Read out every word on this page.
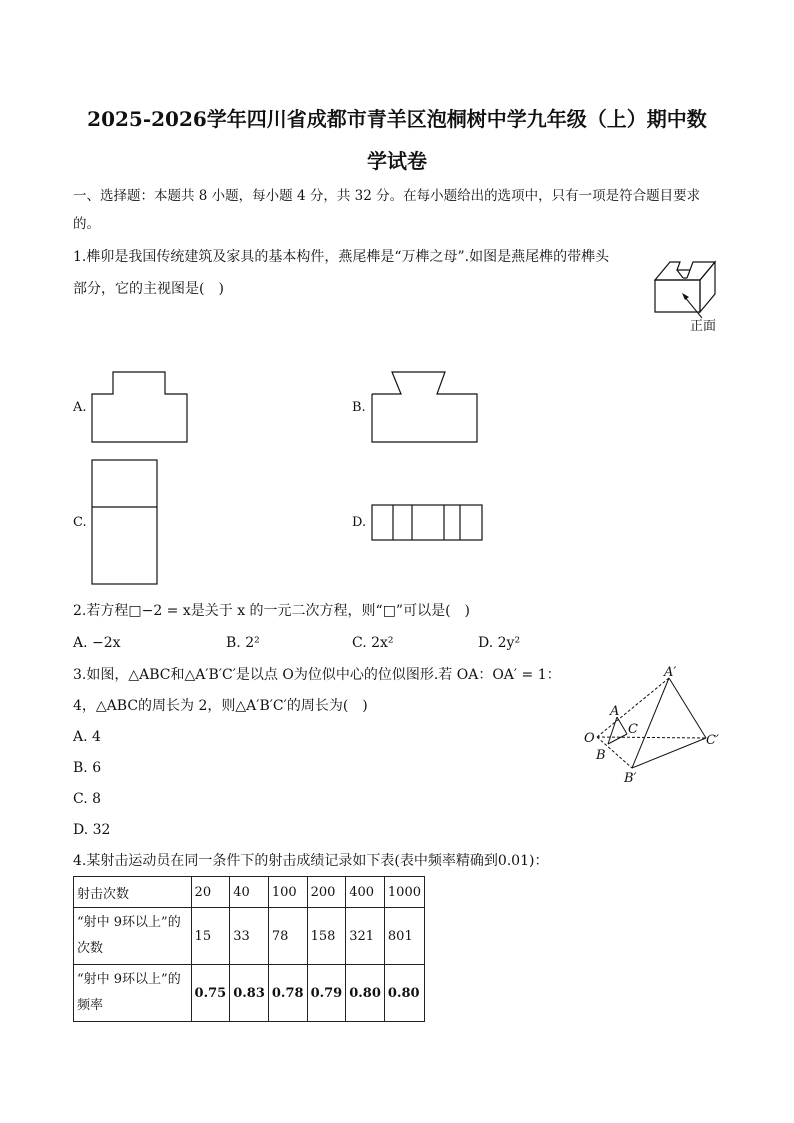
2025-2026学年四川省成都市青羊区泡桐树中学九年级（上）期中数
学试卷
一、选择题：本题共 8 小题，每小题 4 分，共 32 分。在每小题给出的选项中，只有一项是符合题目要求
的。
1.榫卯是我国传统建筑及家具的基本构件，燕尾榫是“万榫之母”.如图是燕尾榫的带榫头
部分，它的主视图是(　)
正面
A.	B.
C.	D.
2.若方程□−2 = x是关于 x 的一元二次方程，则“□”可以是(　)
A. −2x	B. 2²	C. 2x²	D. 2y²
3.如图，△ABC和△A′B′C′是以点 O为位似中心的位似图形.若 OA：OA′ = 1：
4，△ABC的周长为 2，则△A′B′C′的周长为(　)
A. 4
B. 6
C. 8
D. 32
A′
A
C
O
B
C′
B′
4.某射击运动员在同一条件下的射击成绩记录如下表(表中频率精确到0.01)：
射击次数	20	40	100	200	400	1000
“射中 9环以上”的次数	15	33	78	158	321	801
“射中 9环以上”的频率	0.75	0.83	0.78	0.79	0.80	0.80
